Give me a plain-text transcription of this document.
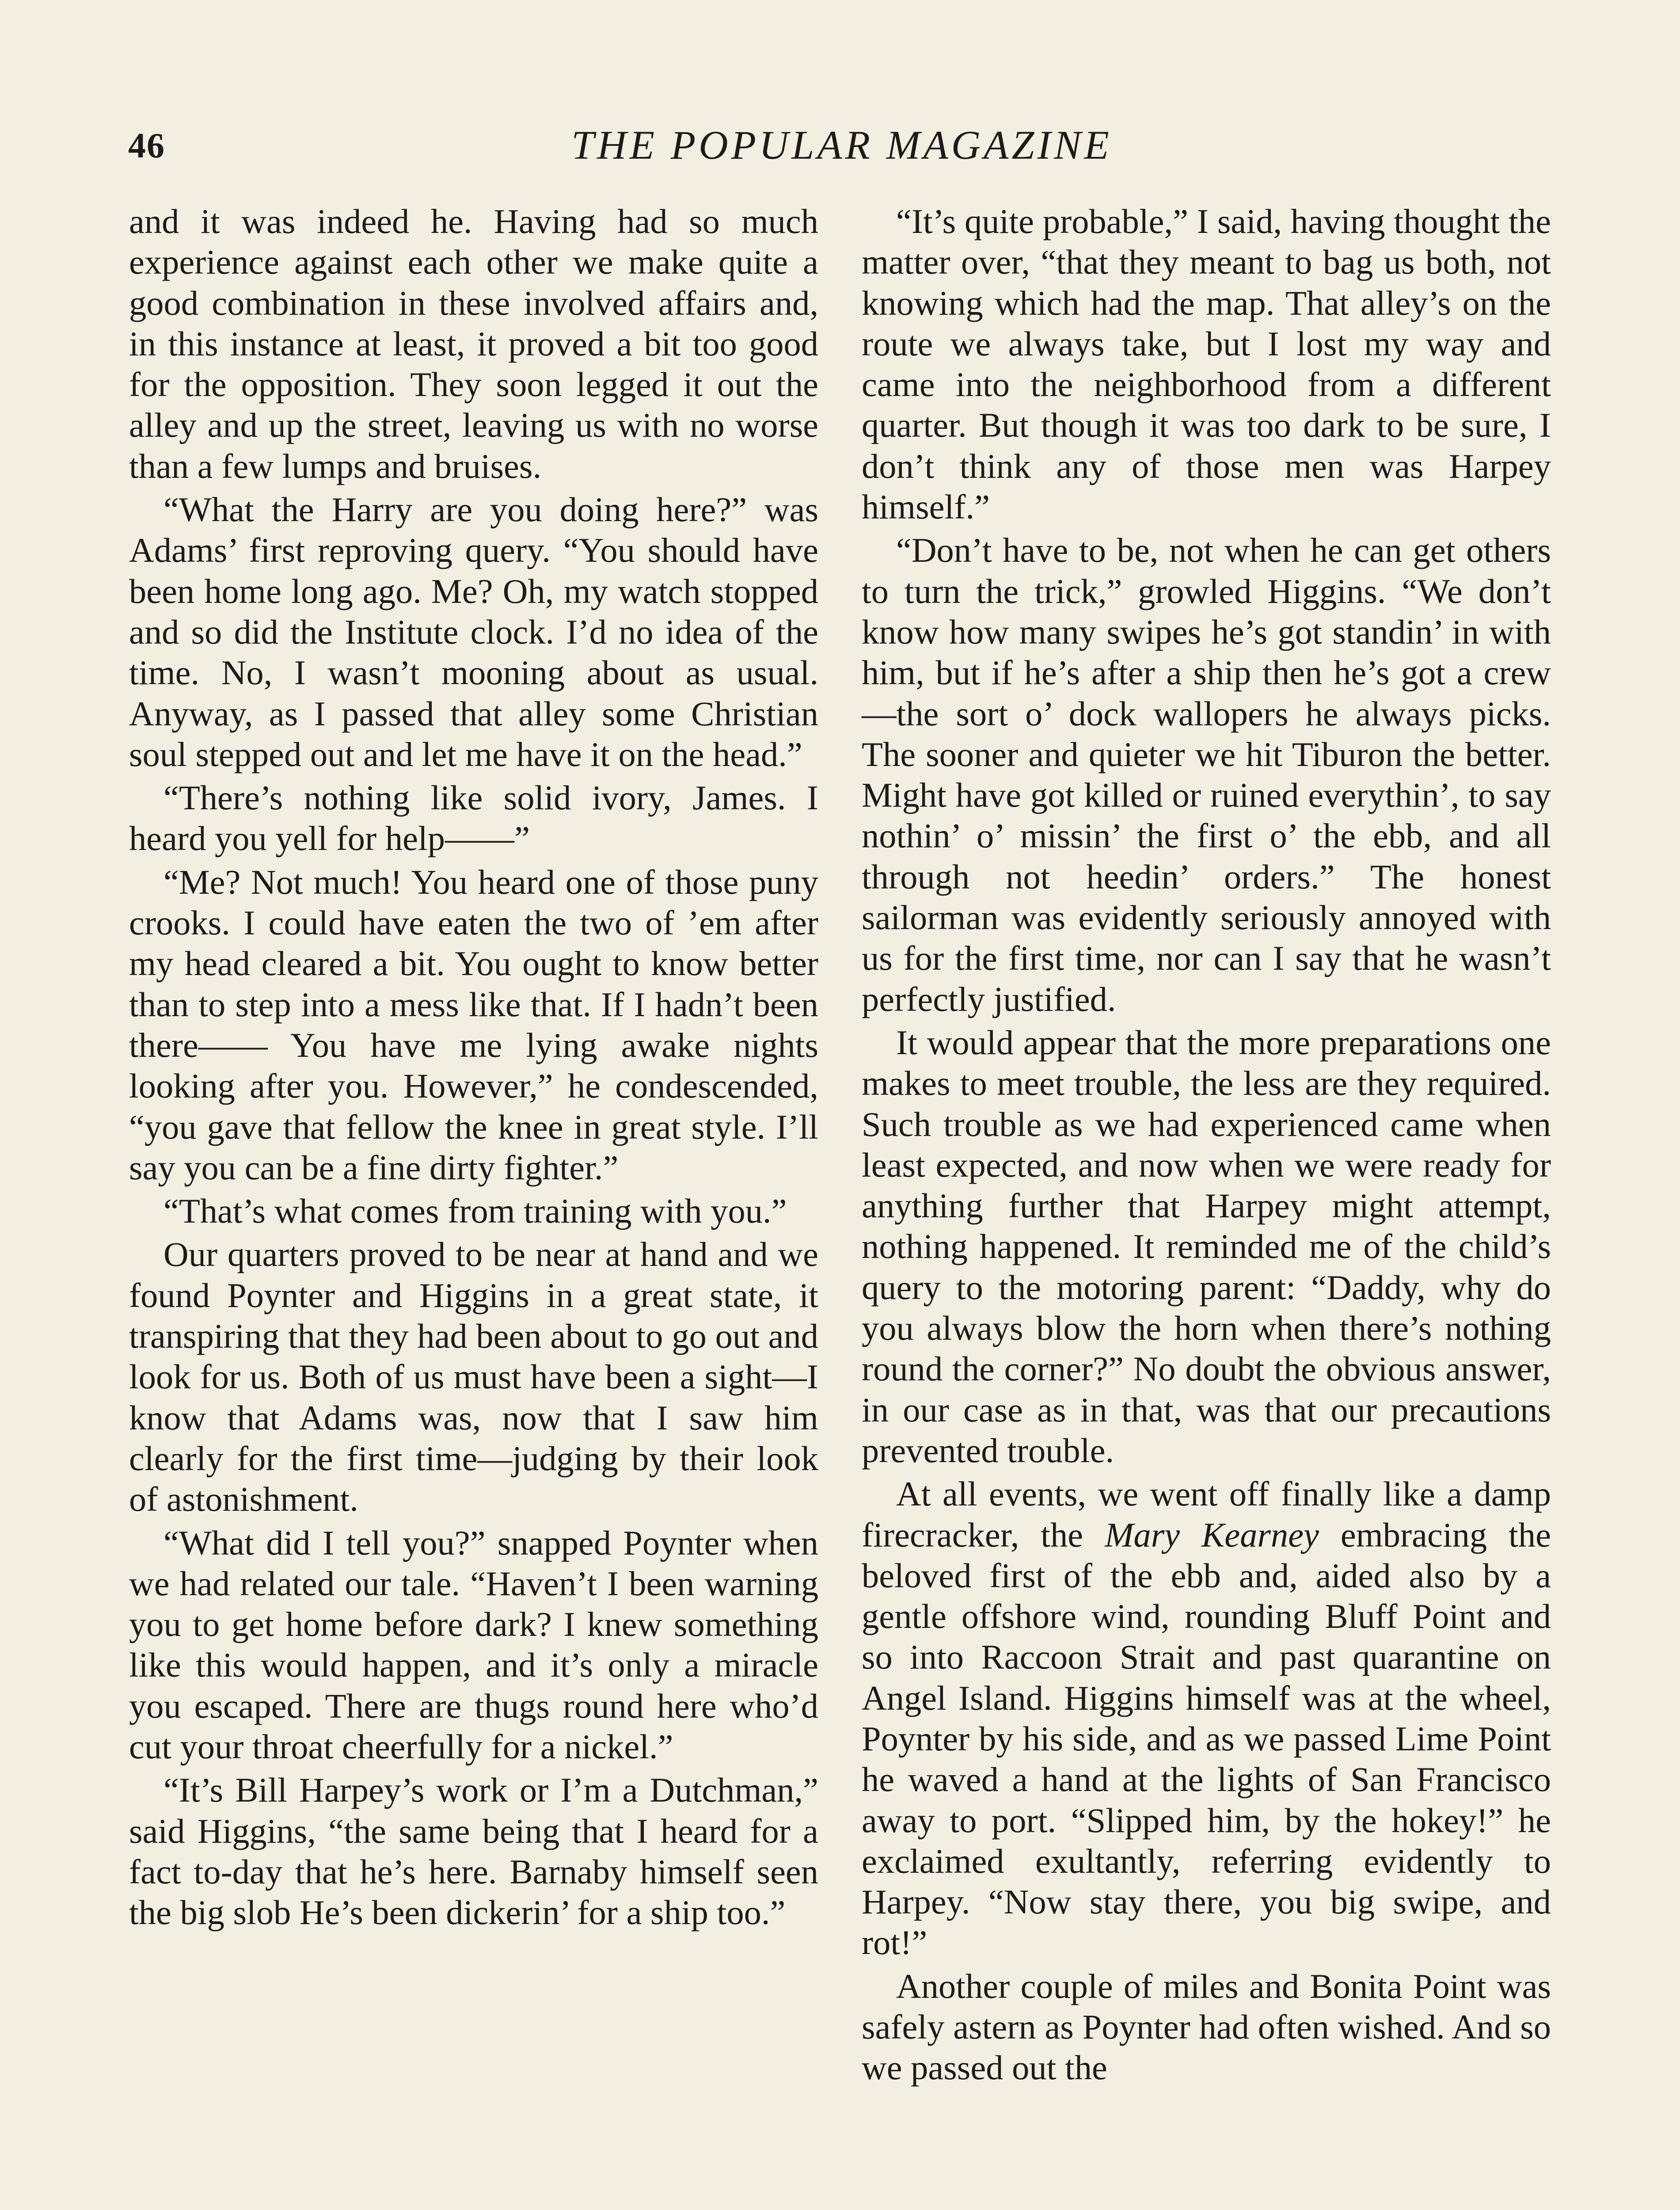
46	THE POPULAR MAGAZINE

and it was indeed he. Having had so much experience against each other we make quite a good combination in these involved affairs and, in this instance at least, it proved a bit too good for the opposition. They soon legged it out the alley and up the street, leaving us with no worse than a few lumps and bruises.

“What the Harry are you doing here?” was Adams’ first reproving query. “You should have been home long ago. Me? Oh, my watch stopped and so did the Institute clock. I’d no idea of the time. No, I wasn’t mooning about as usual. Anyway, as I passed that alley some Christian soul stepped out and let me have it on the head.”

“There’s nothing like solid ivory, James. I heard you yell for help——”

“Me? Not much! You heard one of those puny crooks. I could have eaten the two of ’em after my head cleared a bit. You ought to know better than to step into a mess like that. If I hadn’t been there—— You have me lying awake nights looking after you. However,” he condescended, “you gave that fellow the knee in great style. I’ll say you can be a fine dirty fighter.”

“That’s what comes from training with you.”

Our quarters proved to be near at hand and we found Poynter and Higgins in a great state, it transpiring that they had been about to go out and look for us. Both of us must have been a sight—I know that Adams was, now that I saw him clearly for the first time—judging by their look of astonishment.

“What did I tell you?” snapped Poynter when we had related our tale. “Haven’t I been warning you to get home before dark? I knew something like this would happen, and it’s only a miracle you escaped. There are thugs round here who’d cut your throat cheerfully for a nickel.”

“It’s Bill Harpey’s work or I’m a Dutchman,” said Higgins, “the same being that I heard for a fact to-day that he’s here. Barnaby himself seen the big slob He’s been dickerin’ for a ship too.”

“It’s quite probable,” I said, having thought the matter over, “that they meant to bag us both, not knowing which had the map. That alley’s on the route we always take, but I lost my way and came into the neighborhood from a different quarter. But though it was too dark to be sure, I don’t think any of those men was Harpey himself.”

“Don’t have to be, not when he can get others to turn the trick,” growled Higgins. “We don’t know how many swipes he’s got standin’ in with him, but if he’s after a ship then he’s got a crew—the sort o’ dock wallopers he always picks. The sooner and quieter we hit Tiburon the better. Might have got killed or ruined everythin’, to say nothin’ o’ missin’ the first o’ the ebb, and all through not heedin’ orders.” The honest sailorman was evidently seriously annoyed with us for the first time, nor can I say that he wasn’t perfectly justified.

It would appear that the more preparations one makes to meet trouble, the less are they required. Such trouble as we had experienced came when least expected, and now when we were ready for anything further that Harpey might attempt, nothing happened. It reminded me of the child’s query to the motoring parent: “Daddy, why do you always blow the horn when there’s nothing round the corner?” No doubt the obvious answer, in our case as in that, was that our precautions prevented trouble.

At all events, we went off finally like a damp firecracker, the Mary Kearney embracing the beloved first of the ebb and, aided also by a gentle offshore wind, rounding Bluff Point and so into Raccoon Strait and past quarantine on Angel Island. Higgins himself was at the wheel, Poynter by his side, and as we passed Lime Point he waved a hand at the lights of San Francisco away to port. “Slipped him, by the hokey!” he exclaimed exultantly, referring evidently to Harpey. “Now stay there, you big swipe, and rot!”

Another couple of miles and Bonita Point was safely astern as Poynter had often wished. And so we passed out the
